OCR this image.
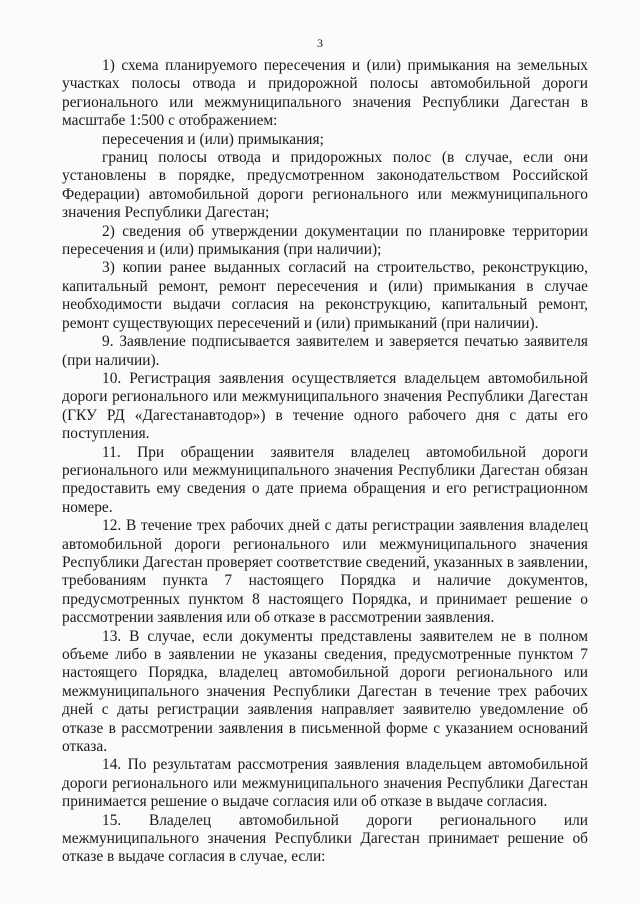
3

1) схема планируемого пересечения и (или) примыкания на земельных участках полосы отвода и придорожной полосы автомобильной дороги регионального или межмуниципального значения Республики Дагестан в масштабе 1:500 с отображением:

пересечения и (или) примыкания;

границ полосы отвода и придорожных полос (в случае, если они установлены в порядке, предусмотренном законодательством Российской Федерации) автомобильной дороги регионального или межмуниципального значения Республики Дагестан;

2) сведения об утверждении документации по планировке территории пересечения и (или) примыкания (при наличии);

3) копии ранее выданных согласий на строительство, реконструкцию, капитальный ремонт, ремонт пересечения и (или) примыкания в случае необходимости выдачи согласия на реконструкцию, капитальный ремонт, ремонт существующих пересечений и (или) примыканий (при наличии).

9. Заявление подписывается заявителем и заверяется печатью заявителя (при наличии).

10. Регистрация заявления осуществляется владельцем автомобильной дороги регионального или межмуниципального значения Республики Дагестан (ГКУ РД «Дагестанавтодор») в течение одного рабочего дня с даты его поступления.

11. При обращении заявителя владелец автомобильной дороги регионального или межмуниципального значения Республики Дагестан обязан предоставить ему сведения о дате приема обращения и его регистрационном номере.

12. В течение трех рабочих дней с даты регистрации заявления владелец автомобильной дороги регионального или межмуниципального значения Республики Дагестан проверяет соответствие сведений, указанных в заявлении, требованиям пункта 7 настоящего Порядка и наличие документов, предусмотренных пунктом 8 настоящего Порядка, и принимает решение о рассмотрении заявления или об отказе в рассмотрении заявления.

13. В случае, если документы представлены заявителем не в полном объеме либо в заявлении не указаны сведения, предусмотренные пунктом 7 настоящего Порядка, владелец автомобильной дороги регионального или межмуниципального значения Республики Дагестан в течение трех рабочих дней с даты регистрации заявления направляет заявителю уведомление об отказе в рассмотрении заявления в письменной форме с указанием оснований отказа.

14. По результатам рассмотрения заявления владельцем автомобильной дороги регионального или межмуниципального значения Республики Дагестан принимается решение о выдаче согласия или об отказе в выдаче согласия.

15. Владелец автомобильной дороги регионального или межмуниципального значения Республики Дагестан принимает решение об отказе в выдаче согласия в случае, если:
